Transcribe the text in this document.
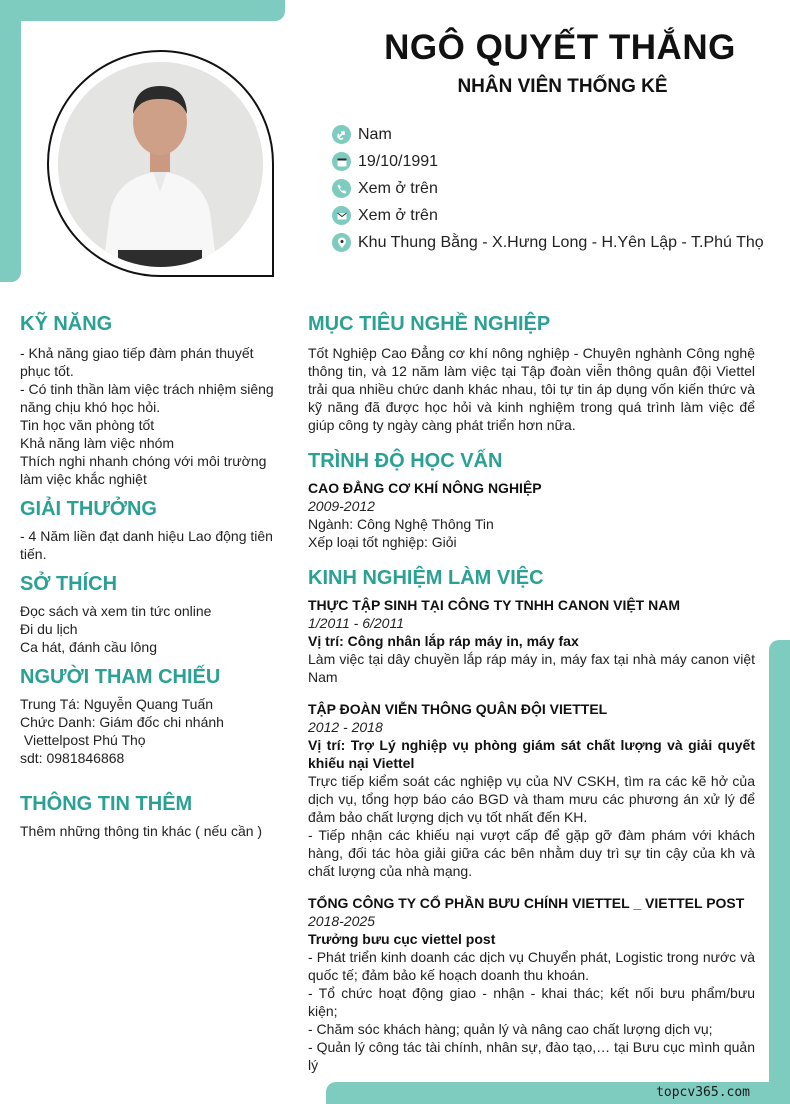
NGÔ QUYẾT THẮNG
NHÂN VIÊN THỐNG KÊ
Nam
19/10/1991
Xem ở trên
Xem ở trên
Khu Thung Bằng - X.Hưng Long - H.Yên Lập - T.Phú Thọ
KỸ NĂNG
- Khả năng giao tiếp đàm phán thuyết
phục tốt.
- Có tinh thần làm việc trách nhiệm siêng
năng chịu khó học hỏi.
Tin học văn phòng tốt
Khả năng làm việc nhóm
Thích nghi nhanh chóng với môi trường
làm việc khắc nghiệt
GIẢI THƯỞNG
- 4 Năm liền đạt danh hiệu Lao động tiên
tiến.
SỞ THÍCH
Đọc sách và xem tin tức online
Đi du lịch
Ca hát, đánh cầu lông
NGƯỜI THAM CHIẾU
Trung Tá: Nguyễn Quang Tuấn
Chức Danh: Giám đốc chi nhánh
Viettelpost Phú Thọ
sdt: 0981846868
THÔNG TIN THÊM
Thêm những thông tin khác ( nếu cần )
MỤC TIÊU NGHỀ NGHIỆP

Tốt Nghiệp Cao Đẳng cơ khí nông nghiệp - Chuyên nghành Công nghệ thông tin, và 12 năm làm việc tại Tập đoàn viễn thông quân đội Viettel trải qua nhiều chức danh khác nhau, tôi tự tin áp dụng vốn kiến thức và kỹ năng đã được học hỏi và kinh nghiệm trong quá trình làm việc để giúp công ty ngày càng phát triển hơn nữa.

TRÌNH ĐỘ HỌC VẤN
CAO ĐẲNG CƠ KHÍ NÔNG NGHIỆP
2009-2012
Ngành: Công Nghệ Thông Tin
Xếp loại tốt nghiệp: Giỏi
KINH NGHIỆM LÀM VIỆC
THỰC TẬP SINH TẠI CÔNG TY TNHH CANON VIỆT NAM
1/2011 - 6/2011
Vị trí: Công nhân lắp ráp máy in, máy fax

Làm việc tại dây chuyền lắp ráp máy in, máy fax tại nhà máy canon việt Nam

TẬP ĐOÀN VIỄN THÔNG QUÂN ĐỘI VIETTEL
2012 - 2018
Vị trí: Trợ Lý nghiệp vụ phòng giám sát chất lượng và giải quyết khiếu nại Viettel

Trực tiếp kiểm soát các nghiệp vụ của NV CSKH, tìm ra các kẽ hở của dịch vụ, tổng hợp báo cáo BGD và tham mưu các phương án xử lý để đảm bảo chất lượng dịch vụ tốt nhất đến KH.

- Tiếp nhận các khiếu nại vượt cấp để gặp gỡ đàm phám với khách hàng, đối tác hòa giải giữa các bên nhằm duy trì sự tin cậy của kh và chất lượng của nhà mạng.

TỔNG CÔNG TY CỔ PHẦN BƯU CHÍNH VIETTEL _ VIETTEL POST
2018-2025
Trưởng bưu cục viettel post

- Phát triển kinh doanh các dịch vụ Chuyển phát, Logistic trong nước và quốc tế; đảm bảo kế hoạch doanh thu khoán.

- Tổ chức hoạt động giao - nhận - khai thác; kết nối bưu phẩm/bưu kiện;

- Chăm sóc khách hàng; quản lý và nâng cao chất lượng dịch vụ;

- Quản lý công tác tài chính, nhân sự, đào tạo,… tại Bưu cục mình quản lý

topcv365.com
